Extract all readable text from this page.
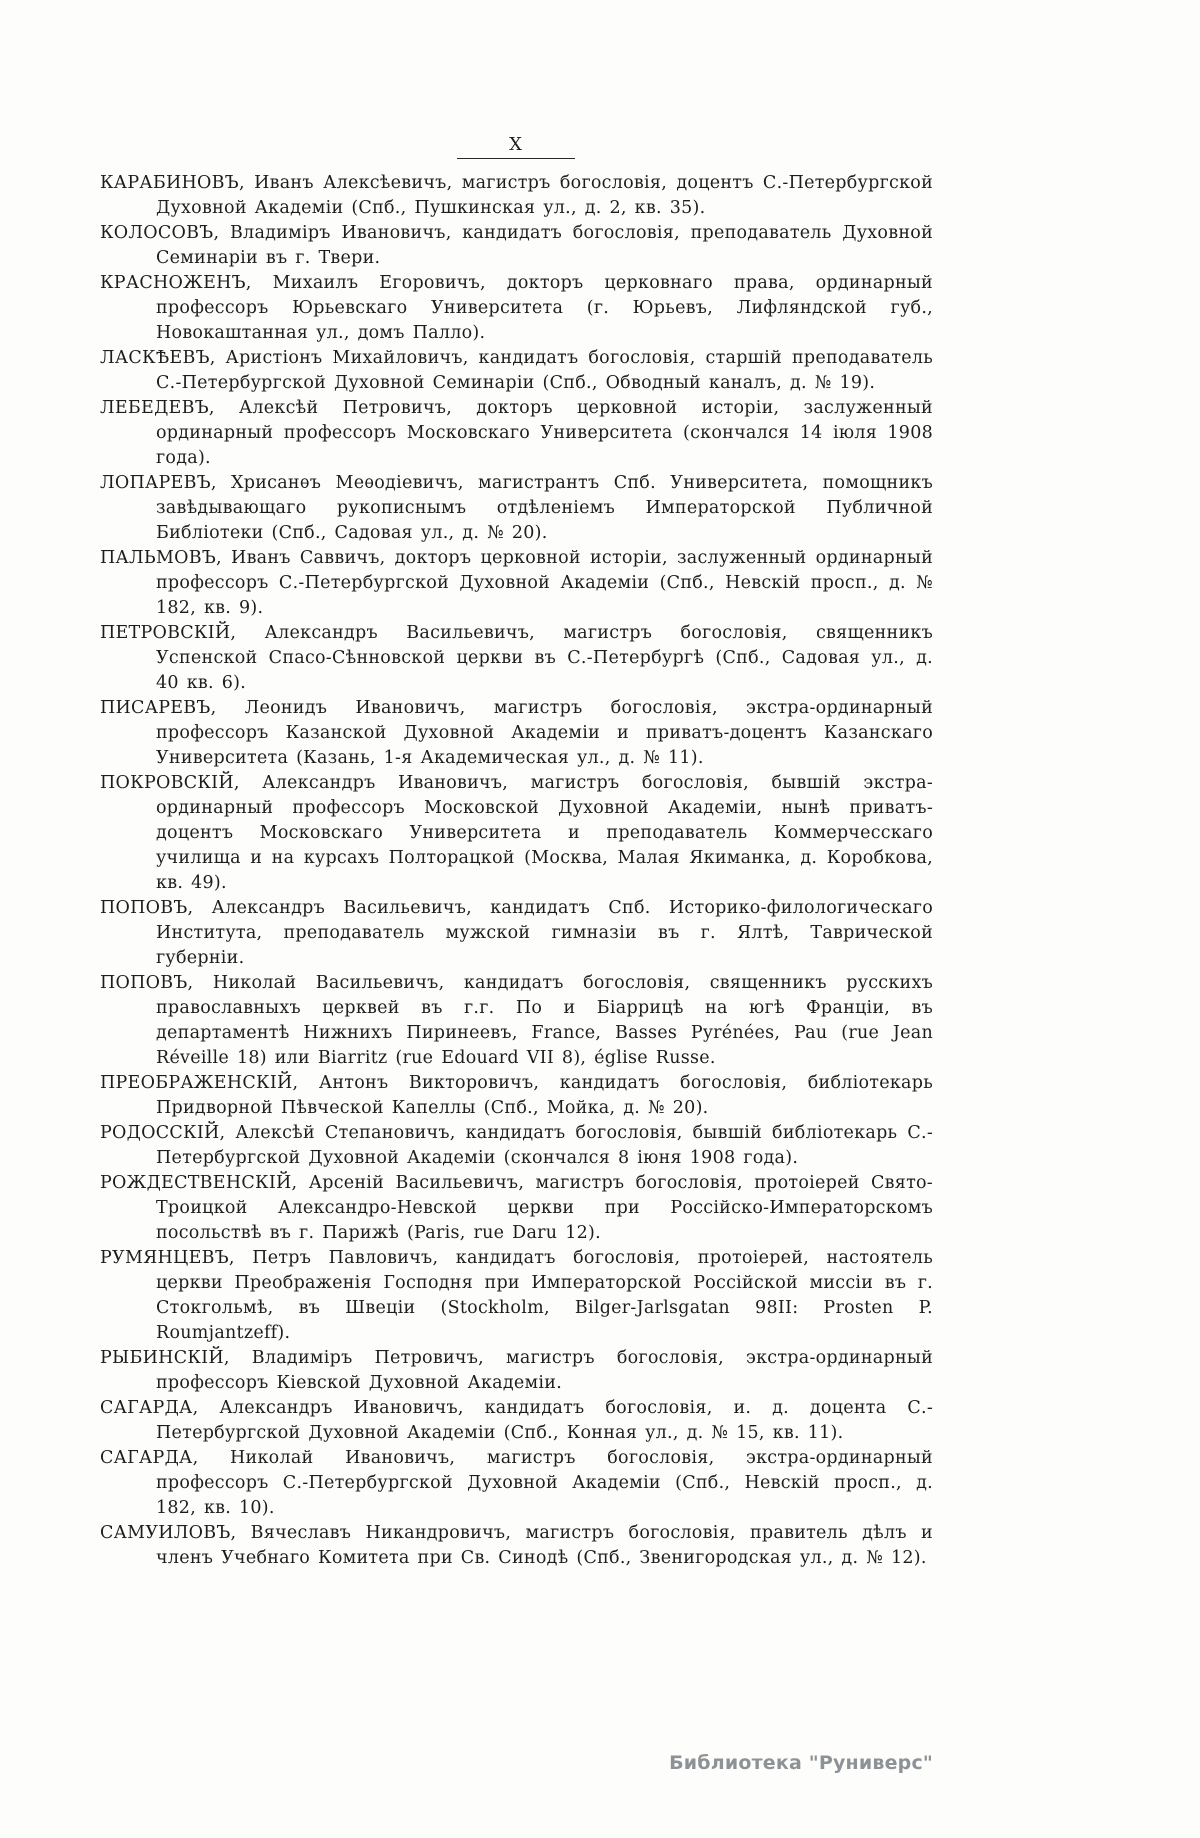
X

КАРАБИНОВЪ, Иванъ Алексѣевичъ, магистръ богословія, доцентъ С.-Петербургской Духовной Академіи (Спб., Пушкинская ул., д. 2, кв. 35).

КОЛОСОВЪ, Владиміръ Ивановичъ, кандидатъ богословія, преподаватель Духовной Семинаріи въ г. Твери.

КРАСНОЖЕНЪ, Михаилъ Егоровичъ, докторъ церковнаго права, ординарный профессоръ Юрьевскаго Университета (г. Юрьевъ, Лифляндской губ., Новокаштанная ул., домъ Палло).

ЛАСКѢЕВЪ, Аристіонъ Михайловичъ, кандидатъ богословія, старшій преподаватель С.-Петербургской Духовной Семинаріи (Спб., Обводный каналъ, д. № 19).

ЛЕБЕДЕВЪ, Алексѣй Петровичъ, докторъ церковной исторіи, заслуженный ординарный профессоръ Московскаго Университета (скончался 14 іюля 1908 года).

ЛОПАРЕВЪ, Хрисанѳъ Меѳодіевичъ, магистрантъ Спб. Университета, помощникъ завѣдывающаго рукописнымъ отдѣленіемъ Императорской Публичной Библіотеки (Спб., Садовая ул., д. № 20).

ПАЛЬМОВЪ, Иванъ Саввичъ, докторъ церковной исторіи, заслуженный ординарный профессоръ С.-Петербургской Духовной Академіи (Спб., Невскій просп., д. № 182, кв. 9).

ПЕТРОВСКІЙ, Александръ Васильевичъ, магистръ богословія, священникъ Успенской Спасо-Сѣнновской церкви въ С.-Петербургѣ (Спб., Садовая ул., д. 40 кв. 6).

ПИСАРЕВЪ, Леонидъ Ивановичъ, магистръ богословія, экстра-ординарный профессоръ Казанской Духовной Академіи и приватъ-доцентъ Казанскаго Университета (Казань, 1-я Академическая ул., д. № 11).

ПОКРОВСКІЙ, Александръ Ивановичъ, магистръ богословія, бывшій экстра-ординарный профессоръ Московской Духовной Академіи, нынѣ приватъ-доцентъ Московскаго Университета и преподаватель Коммерчесскаго училища и на курсахъ Полторацкой (Москва, Малая Якиманка, д. Коробкова, кв. 49).

ПОПОВЪ, Александръ Васильевичъ, кандидатъ Спб. Историко-филологическаго Института, преподаватель мужской гимназіи въ г. Ялтѣ, Таврической губерніи.

ПОПОВЪ, Николай Васильевичъ, кандидатъ богословія, священникъ русскихъ православныхъ церквей въ г.г. По и Біаррицѣ на югѣ Франціи, въ департаментѣ Нижнихъ Пиринеевъ, France, Basses Pyrénées, Pau (rue Jean Réveille 18) или Biarritz (rue Edouard VII 8), église Russe.

ПРЕОБРАЖЕНСКІЙ, Антонъ Викторовичъ, кандидатъ богословія, библіотекарь Придворной Пѣвческой Капеллы (Спб., Мойка, д. № 20).

РОДОССКІЙ, Алексѣй Степановичъ, кандидатъ богословія, бывшій библіотекарь С.-Петербургской Духовной Академіи (скончался 8 іюня 1908 года).

РОЖДЕСТВЕНСКІЙ, Арсеній Васильевичъ, магистръ богословія, протоіерей Свято-Троицкой Александро-Невской церкви при Россійско-Императорскомъ посольствѣ въ г. Парижѣ (Paris, rue Daru 12).

РУМЯНЦЕВЪ, Петръ Павловичъ, кандидатъ богословія, протоіерей, настоятель церкви Преображенія Господня при Императорской Россійской миссіи въ г. Стокгольмѣ, въ Швеціи (Stockholm, Bilger-Jarlsgatan 98II: Prosten P. Roumjantzeff).

РЫБИНСКІЙ, Владиміръ Петровичъ, магистръ богословія, экстра-ординарный профессоръ Кіевской Духовной Академіи.

САГАРДА, Александръ Ивановичъ, кандидатъ богословія, и. д. доцента С.-Петербургской Духовной Академіи (Спб., Конная ул., д. № 15, кв. 11).

САГАРДА, Николай Ивановичъ, магистръ богословія, экстра-ординарный профессоръ С.-Петербургской Духовной Академіи (Спб., Невскій просп., д. 182, кв. 10).

САМУИЛОВЪ, Вячеславъ Никандровичъ, магистръ богословія, правитель дѣлъ и членъ Учебнаго Комитета при Св. Синодѣ (Спб., Звенигородская ул., д. № 12).

Библиотека "Руниверс"
